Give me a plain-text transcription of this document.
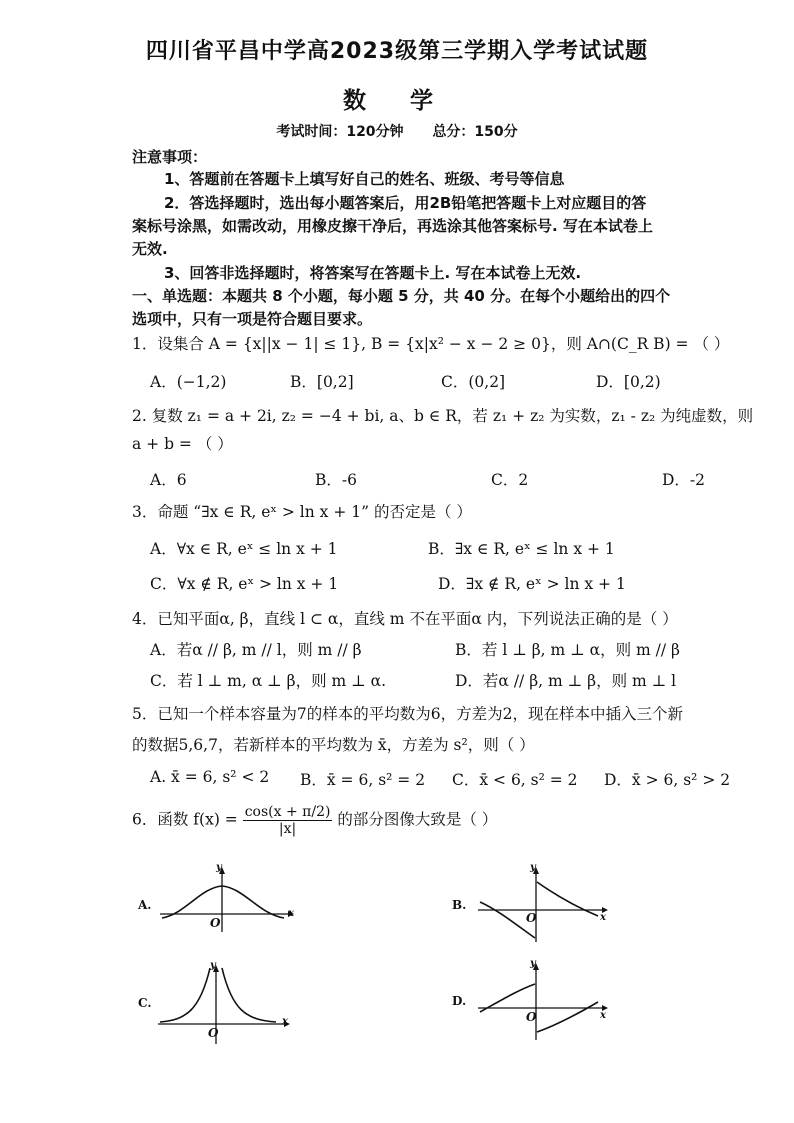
四川省平昌中学高2023级第三学期入学考试试题
数 学
考试时间：120分钟 总分：150分
注意事项：
1、答题前在答题卡上填写好自己的姓名、班级、考号等信息
2．答选择题时，选出每小题答案后，用2B铅笔把答题卡上对应题目的答
案标号涂黑，如需改动，用橡皮擦干净后，再选涂其他答案标号. 写在本试卷上
无效.
3、回答非选择题时，将答案写在答题卡上. 写在本试卷上无效.
一、单选题：本题共 8 个小题，每小题 5 分，共 40 分。在每个小题给出的四个
选项中，只有一项是符合题目要求。
1．设集合 A = {x||x − 1| ≤ 1}, B = {x|x² − x − 2 ≥ 0}，则 A∩(C_R B) = （ ）
A．(−1,2)	B．[0,2]	C．(0,2]	D．[0,2)
2. 复数 z₁ = a + 2i, z₂ = −4 + bi, a、b ∈ R，若 z₁ + z₂ 为实数，z₁ - z₂ 为纯虚数，则
a + b = （ ）
A．6	B．-6	C．2	D．-2
3．命题 “∃x ∈ R, eˣ > ln x + 1” 的否定是（ ）
A．∀x ∈ R, eˣ ≤ ln x + 1	B．∃x ∈ R, eˣ ≤ ln x + 1
C．∀x ∉ R, eˣ > ln x + 1	D．∃x ∉ R, eˣ > ln x + 1
4．已知平面α, β，直线 l ⊂ α，直线 m 不在平面α 内，下列说法正确的是（ ）
A．若α // β, m // l，则 m // β	B．若 l ⊥ β, m ⊥ α，则 m // β
C．若 l ⊥ m, α ⊥ β，则 m ⊥ α.	D．若α // β, m ⊥ β，则 m ⊥ l
5．已知一个样本容量为7的样本的平均数为6，方差为2，现在样本中插入三个新
的数据5,6,7，若新样本的平均数为 x̄，方差为 s²，则（ ）
A. x̄ = 6, s² < 2 B．x̄ = 6, s² = 2 C．x̄ < 6, s² = 2 D．x̄ > 6, s² > 2
6．函数 $f(x) = \frac{\cos(x + \pi/2)}{|x|}$ 的部分图像大致是（ ）
A.
O
y
x
B.
O
y
x
C.
O
y
x
D.
O
y
x
